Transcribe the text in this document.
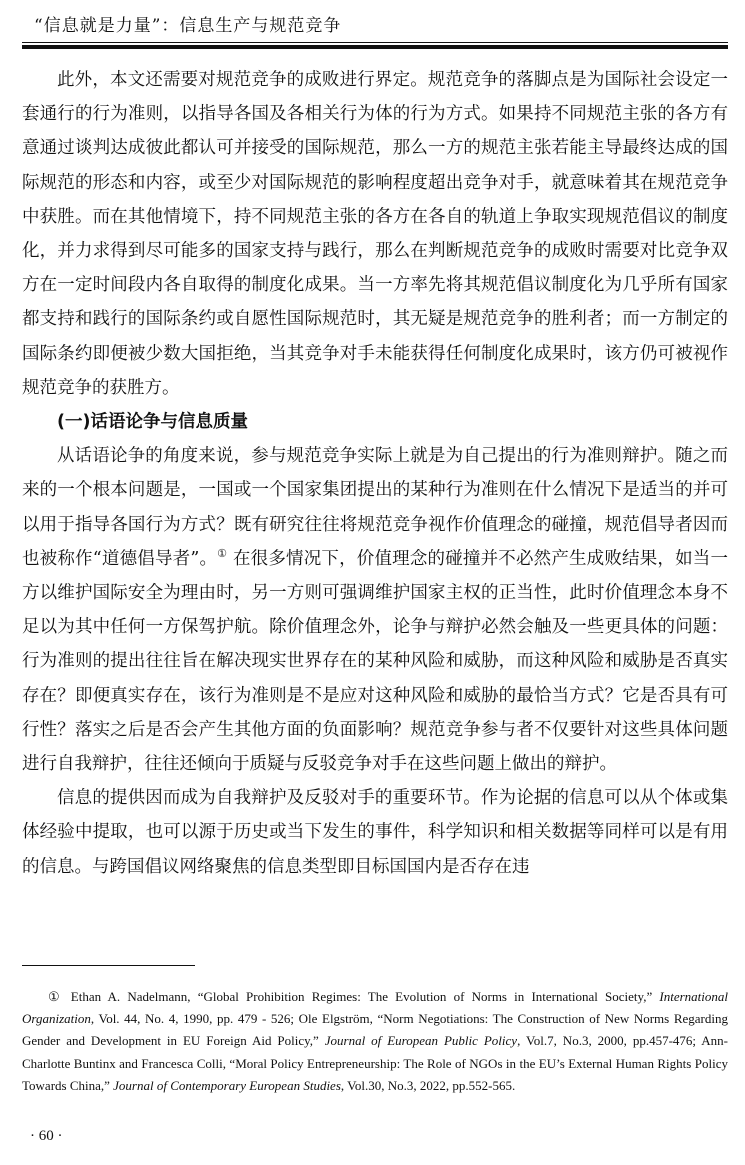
“信息就是力量”：信息生产与规范竞争

此外，本文还需要对规范竞争的成败进行界定。规范竞争的落脚点是为国际社会设定一套通行的行为准则，以指导各国及各相关行为体的行为方式。如果持不同规范主张的各方有意通过谈判达成彼此都认可并接受的国际规范，那么一方的规范主张若能主导最终达成的国际规范的形态和内容，或至少对国际规范的影响程度超出竞争对手，就意味着其在规范竞争中获胜。而在其他情境下，持不同规范主张的各方在各自的轨道上争取实现规范倡议的制度化，并力求得到尽可能多的国家支持与践行，那么在判断规范竞争的成败时需要对比竞争双方在一定时间段内各自取得的制度化成果。当一方率先将其规范倡议制度化为几乎所有国家都支持和践行的国际条约或自愿性国际规范时，其无疑是规范竞争的胜利者；而一方制定的国际条约即便被少数大国拒绝，当其竞争对手未能获得任何制度化成果时，该方仍可被视作规范竞争的获胜方。

(一)话语论争与信息质量

从话语论争的角度来说，参与规范竞争实际上就是为自己提出的行为准则辩护。随之而来的一个根本问题是，一国或一个国家集团提出的某种行为准则在什么情况下是适当的并可以用于指导各国行为方式？既有研究往往将规范竞争视作价值理念的碰撞，规范倡导者因而也被称作“道德倡导者”。① 在很多情况下，价值理念的碰撞并不必然产生成败结果，如当一方以维护国际安全为理由时，另一方则可强调维护国家主权的正当性，此时价值理念本身不足以为其中任何一方保驾护航。除价值理念外，论争与辩护必然会触及一些更具体的问题：行为准则的提出往往旨在解决现实世界存在的某种风险和威胁，而这种风险和威胁是否真实存在？即便真实存在，该行为准则是不是应对这种风险和威胁的最恰当方式？它是否具有可行性？落实之后是否会产生其他方面的负面影响？规范竞争参与者不仅要针对这些具体问题进行自我辩护，往往还倾向于质疑与反驳竞争对手在这些问题上做出的辩护。

信息的提供因而成为自我辩护及反驳对手的重要环节。作为论据的信息可以从个体或集体经验中提取，也可以源于历史或当下发生的事件，科学知识和相关数据等同样可以是有用的信息。与跨国倡议网络聚焦的信息类型即目标国国内是否存在违

① Ethan A. Nadelmann, “Global Prohibition Regimes: The Evolution of Norms in International Society,” International Organization, Vol. 44, No. 4, 1990, pp. 479 - 526; Ole Elgström, “Norm Negotiations: The Construction of New Norms Regarding Gender and Development in EU Foreign Aid Policy,” Journal of European Public Policy, Vol.7, No.3, 2000, pp.457-476; Ann-Charlotte Buntinx and Francesca Colli, “Moral Policy Entrepreneurship: The Role of NGOs in the EU’s External Human Rights Policy Towards China,” Journal of Contemporary European Studies, Vol.30, No.3, 2022, pp.552-565.

· 60 ·
